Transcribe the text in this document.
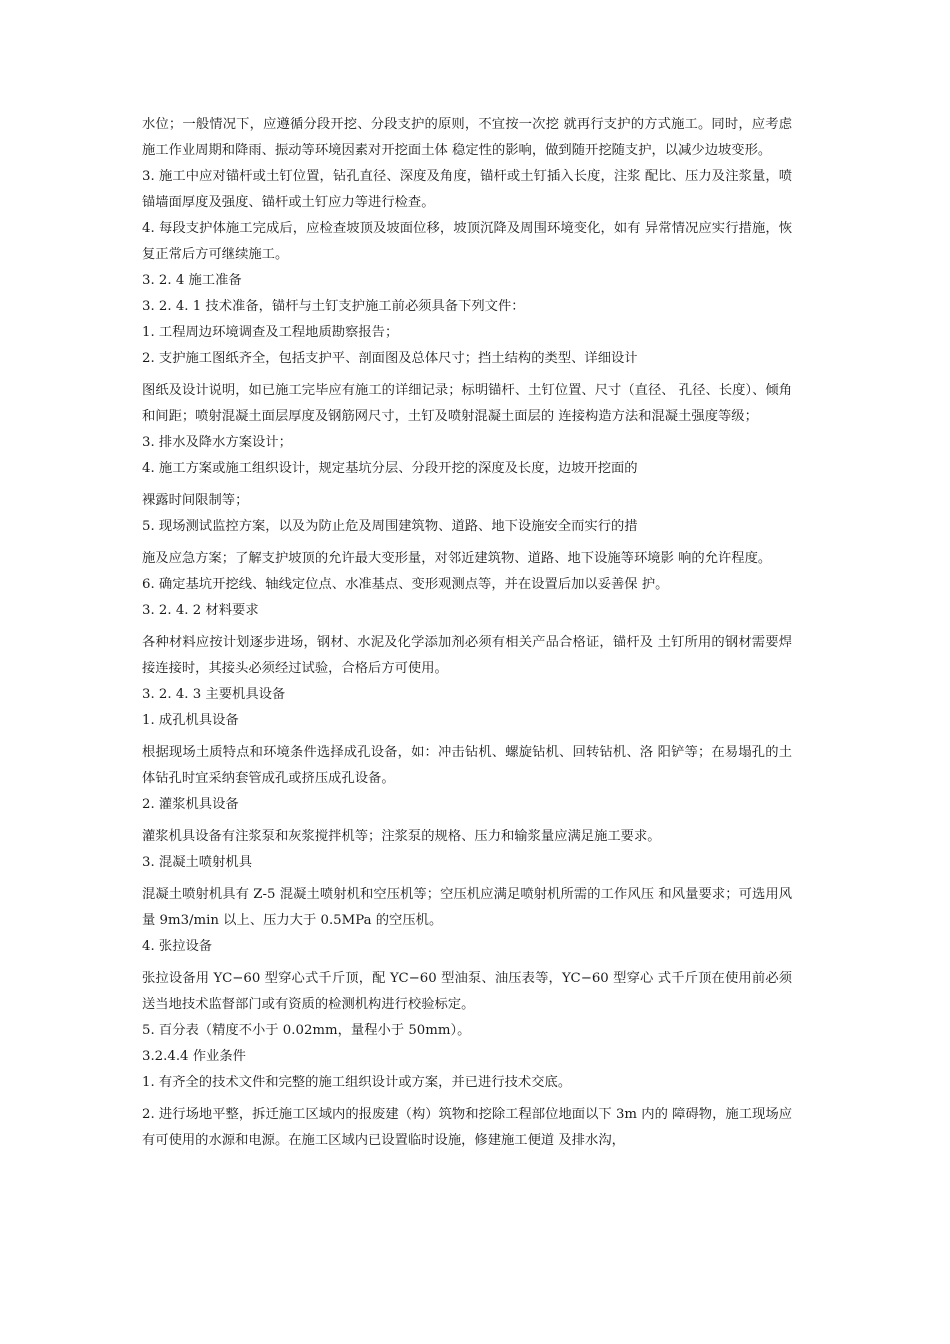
水位；一般情况下，应遵循分段开挖、分段支护的原则，不宜按一次挖 就再行支护的方式施工。同时，应考虑施工作业周期和降雨、振动等环境因素对开挖面土体 稳定性的影响，做到随开挖随支护，以减少边坡变形。

3. 施工中应对锚杆或土钉位置，钻孔直径、深度及角度，锚杆或土钉插入长度，注浆 配比、压力及注浆量，喷锚墙面厚度及强度、锚杆或土钉应力等进行检查。

4. 每段支护体施工完成后，应检查坡顶及坡面位移，坡顶沉降及周围环境变化，如有 异常情况应实行措施，恢复正常后方可继续施工。

3. 2. 4 施工准备

3. 2. 4. 1 技术准备，锚杆与土钉支护施工前必须具备下列文件：

1. 工程周边环境调查及工程地质勘察报告；

2. 支护施工图纸齐全，包括支护平、剖面图及总体尺寸；挡土结构的类型、详细设计

图纸及设计说明，如已施工完毕应有施工的详细记录；标明锚杆、土钉位置、尺寸（直径、 孔径、长度）、倾角和间距；喷射混凝土面层厚度及钢筋网尺寸，土钉及喷射混凝土面层的 连接构造方法和混凝土强度等级；

3. 排水及降水方案设计；

4. 施工方案或施工组织设计，规定基坑分层、分段开挖的深度及长度，边坡开挖面的

裸露时间限制等；

5. 现场测试监控方案，以及为防止危及周围建筑物、道路、地下设施安全而实行的措

施及应急方案；了解支护坡顶的允许最大变形量，对邻近建筑物、道路、地下设施等环境影 响的允许程度。

6. 确定基坑开挖线、轴线定位点、水准基点、变形观测点等，并在设置后加以妥善保 护。

3. 2. 4. 2 材料要求

各种材料应按计划逐步进场，钢材、水泥及化学添加剂必须有相关产品合格证，锚杆及 土钉所用的钢材需要焊接连接时，其接头必须经过试验，合格后方可使用。

3. 2. 4. 3 主要机具设备

1. 成孔机具设备

根据现场土质特点和环境条件选择成孔设备，如：冲击钻机、螺旋钻机、回转钻机、洛 阳铲等；在易塌孔的土体钻孔时宜采纳套管成孔或挤压成孔设备。

2. 灌浆机具设备

灌浆机具设备有注浆泵和灰浆搅拌机等；注浆泵的规格、压力和输浆量应满足施工要求。

3. 混凝土喷射机具

混凝土喷射机具有 Z-5 混凝土喷射机和空压机等；空压机应满足喷射机所需的工作风压 和风量要求；可选用风量 9m3/min 以上、压力大于 0.5MPa 的空压机。

4. 张拉设备

张拉设备用 YC−60 型穿心式千斤顶，配 YC−60 型油泵、油压表等，YC−60 型穿心 式千斤顶在使用前必须送当地技术监督部门或有资质的检测机构进行校验标定。

5. 百分表（精度不小于 0.02mm，量程小于 50mm）。

3.2.4.4 作业条件

1. 有齐全的技术文件和完整的施工组织设计或方案，并已进行技术交底。

2. 进行场地平整，拆迁施工区域内的报废建（构）筑物和挖除工程部位地面以下 3m 内的 障碍物，施工现场应有可使用的水源和电源。在施工区域内已设置临时设施，修建施工便道 及排水沟，
